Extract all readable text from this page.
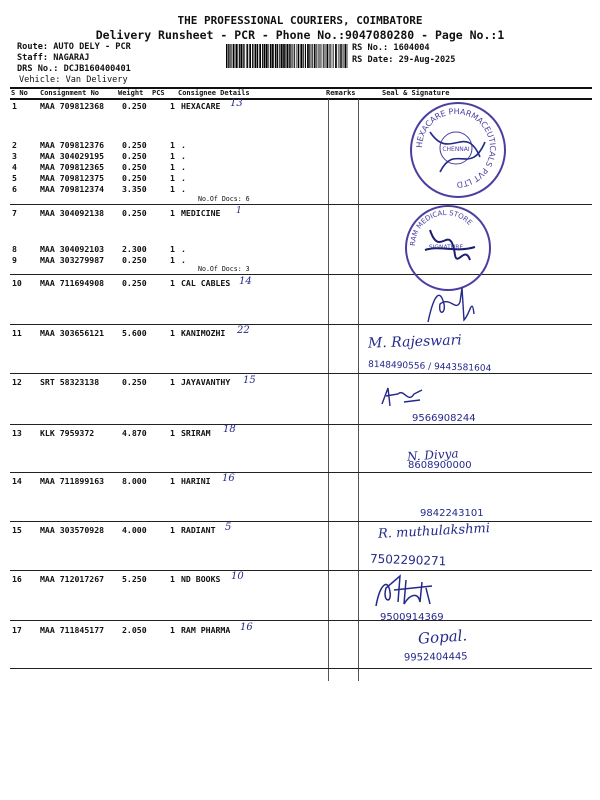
THE PROFESSIONAL COURIERS, COIMBATORE
Delivery Runsheet - PCR - Phone No.:9047080280 - Page No.:1
Route: AUTO DELY - PCR
Staff: NAGARAJ
DRS No.: DCJB160400401
Vehicle: Van Delivery
RS No.: 1604004
RS Date: 29-Aug-2025
S No Consignment No	Weight PCS Consignee Details	Remarks	Seal & Signature
1	MAA 709812368 0.250	1 HEXACARE
2	MAA 709812376 0.250	1 .
3	MAA 304029195 0.250	1 .
4	MAA 709812365 0.250	1 .
5	MAA 709812375 0.250	1 .
6	MAA 709812374 3.350	1 .
No.Of Docs: 6
7	MAA 304092138 0.250	1 MEDICINE
8	MAA 304092103 2.300	1 .
9	MAA 303279987 0.250	1 .
No.Of Docs: 3
10 MAA 711694908 0.250	1 CAL CABLES
11 MAA 303656121 5.600	1 KANIMOZHI
12 SRT 58323138	0.250	1 JAYAVANTHY
13 KLK 7959372	4.870	1 SRIRAM
14 MAA 711899163 8.000	1 HARINI
15 MAA 303570928 4.000	1 RADIANT
16 MAA 712017267 5.250	1 ND BOOKS
17 MAA 711845177 2.050	1 RAM PHARMA
13
1
14
22
15
18
16
5
10
16
HEXACARE PHARMACEUTICALS PVT LTD
CHENNAI
RAM MEDICAL STORE
SIGNATURE
M. Rajeswari
8148490556 / 9443581604
9566908244
N. Divya
8608900000
9842243101
R. muthulakshmi
7502290271
9500914369
Gopal.
9952404445
